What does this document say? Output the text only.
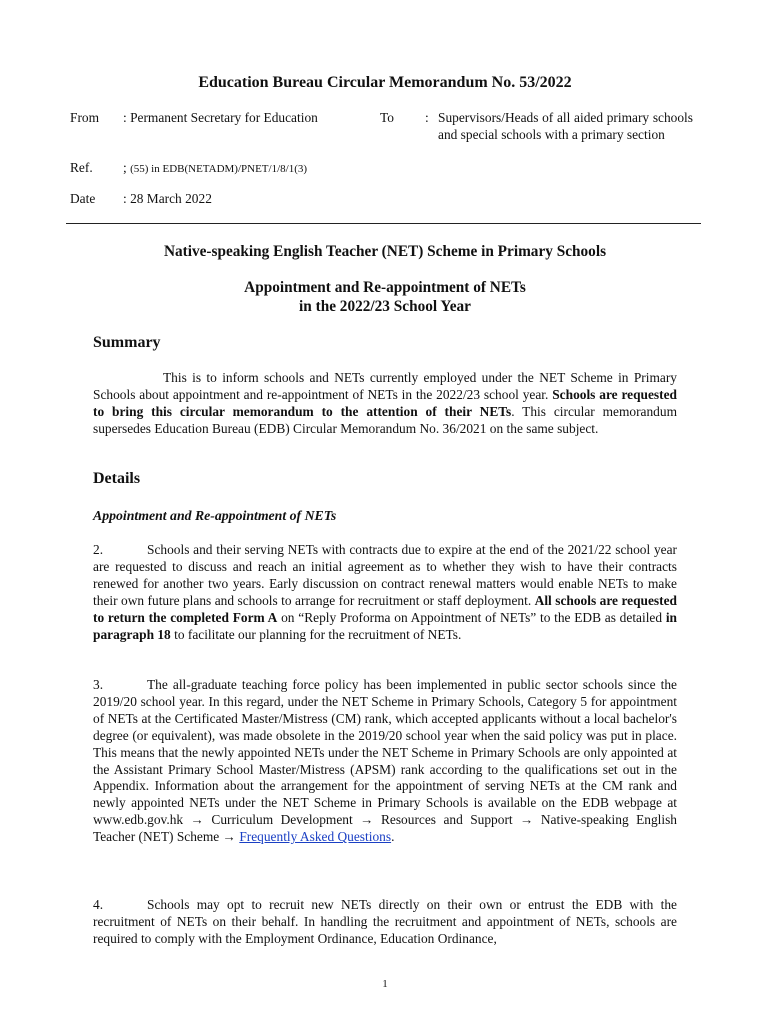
Education Bureau Circular Memorandum No. 53/2022
From : Permanent Secretary for Education	To : Supervisors/Heads of all aided primary schools and special schools with a primary section
Ref. ; (55) in EDB(NETADM)/PNET/1/8/1(3)
Date : 28 March 2022
Native-speaking English Teacher (NET) Scheme in Primary Schools
Appointment and Re-appointment of NETs
in the 2022/23 School Year
Summary

This is to inform schools and NETs currently employed under the NET Scheme in Primary Schools about appointment and re-appointment of NETs in the 2022/23 school year. Schools are requested to bring this circular memorandum to the attention of their NETs. This circular memorandum supersedes Education Bureau (EDB) Circular Memorandum No. 36/2021 on the same subject.

Details
Appointment and Re-appointment of NETs

2.	Schools and their serving NETs with contracts due to expire at the end of the 2021/22 school year are requested to discuss and reach an initial agreement as to whether they wish to have their contracts renewed for another two years. Early discussion on contract renewal matters would enable NETs to make their own future plans and schools to arrange for recruitment or staff deployment. All schools are requested to return the completed Form A on “Reply Proforma on Appointment of NETs” to the EDB as detailed in paragraph 18 to facilitate our planning for the recruitment of NETs.

3.	The all-graduate teaching force policy has been implemented in public sector schools since the 2019/20 school year. In this regard, under the NET Scheme in Primary Schools, Category 5 for appointment of NETs at the Certificated Master/Mistress (CM) rank, which accepted applicants without a local bachelor's degree (or equivalent), was made obsolete in the 2019/20 school year when the said policy was put in place. This means that the newly appointed NETs under the NET Scheme in Primary Schools are only appointed at the Assistant Primary School Master/Mistress (APSM) rank according to the qualifications set out in the Appendix. Information about the arrangement for the appointment of serving NETs at the CM rank and newly appointed NETs under the NET Scheme in Primary Schools is available on the EDB webpage at www.edb.gov.hk → Curriculum Development → Resources and Support → Native-speaking English Teacher (NET) Scheme → Frequently Asked Questions.

4.	Schools may opt to recruit new NETs directly on their own or entrust the EDB with the recruitment of NETs on their behalf. In handling the recruitment and appointment of NETs, schools are required to comply with the Employment Ordinance, Education Ordinance,

1
